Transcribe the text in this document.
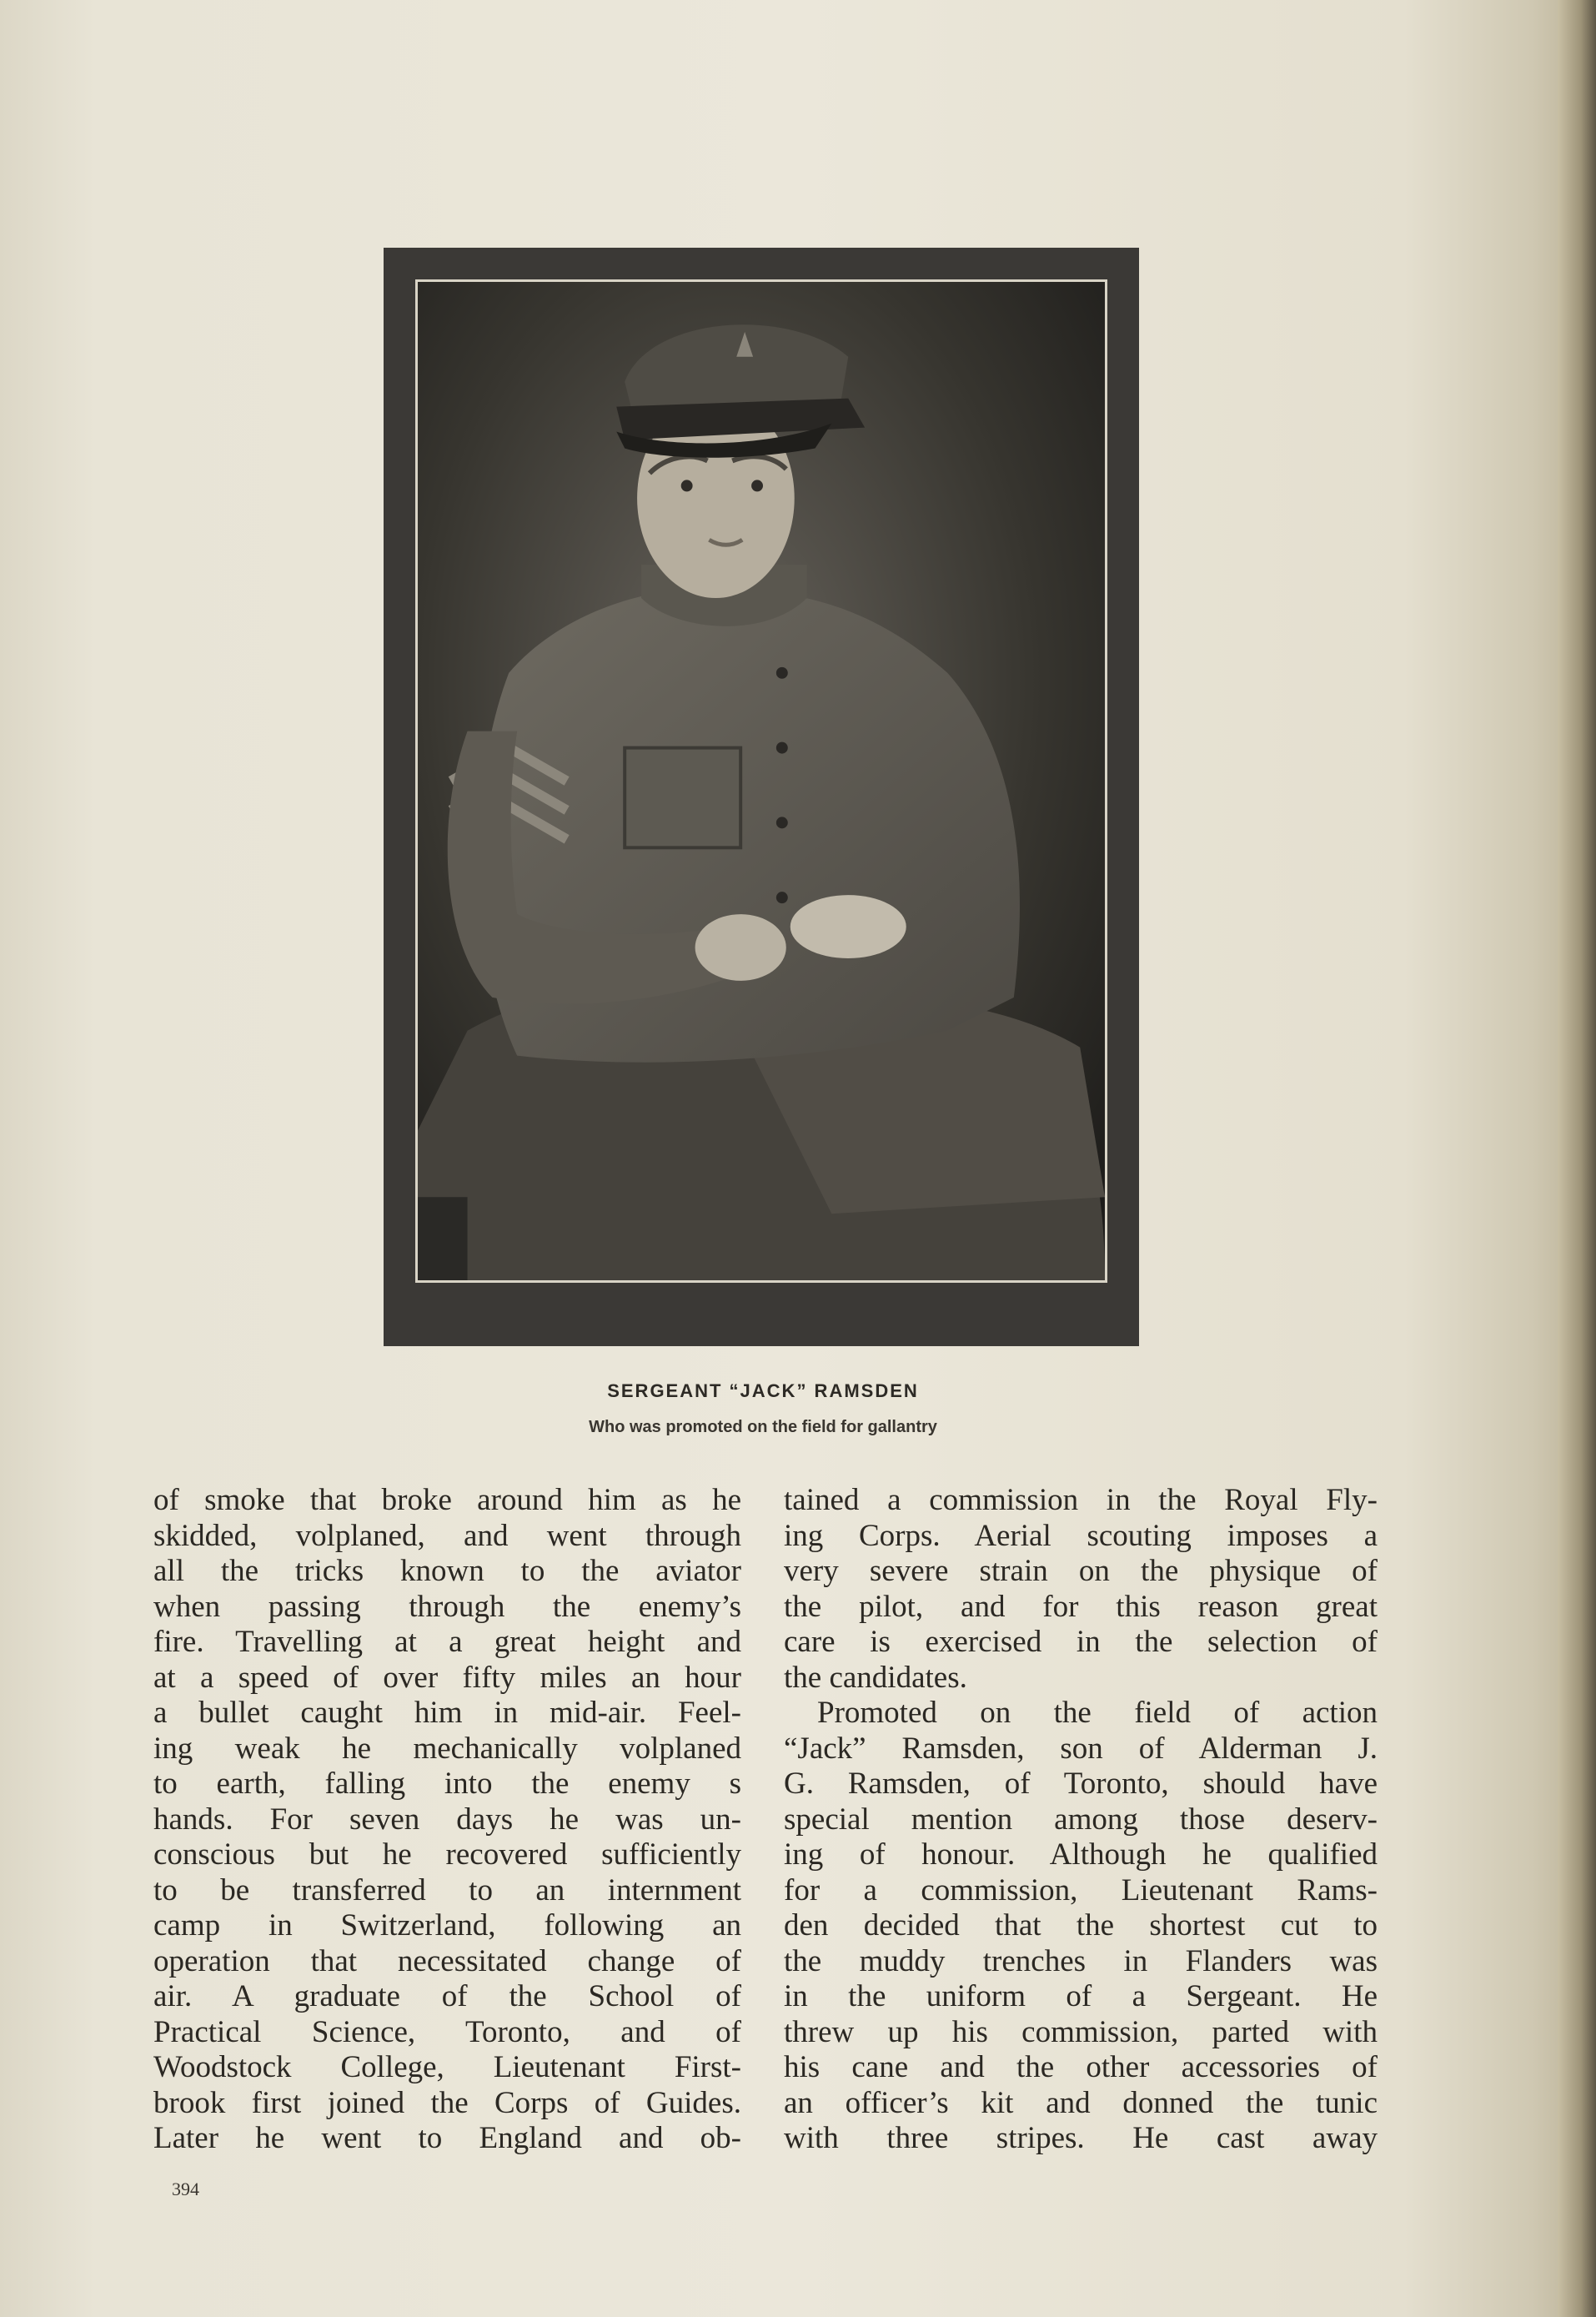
SERGEANT “JACK” RAMSDEN
Who was promoted on the field for gallantry
of smoke that broke around him as he
skidded, volplaned, and went through
all the tricks known to the aviator
when passing through the enemy’s
fire. Travelling at a great height and
at a speed of over fifty miles an hour
a bullet caught him in mid-air. Feel-
ing weak he mechanically volplaned
to earth, falling into the enemy s
hands. For seven days he was un-
conscious but he recovered sufficiently
to be transferred to an internment
camp in Switzerland, following an
operation that necessitated change of
air. A graduate of the School of
Practical Science, Toronto, and of
Woodstock College, Lieutenant First-
brook first joined the Corps of Guides.
Later he went to England and ob-
tained a commission in the Royal Fly-
ing Corps. Aerial scouting imposes a
very severe strain on the physique of
the pilot, and for this reason great
care is exercised in the selection of
the candidates.
Promoted on the field of action
“Jack” Ramsden, son of Alderman J.
G. Ramsden, of Toronto, should have
special mention among those deserv-
ing of honour. Although he qualified
for a commission, Lieutenant Rams-
den decided that the shortest cut to
the muddy trenches in Flanders was
in the uniform of a Sergeant. He
threw up his commission, parted with
his cane and the other accessories of
an officer’s kit and donned the tunic
with three stripes. He cast away
394
